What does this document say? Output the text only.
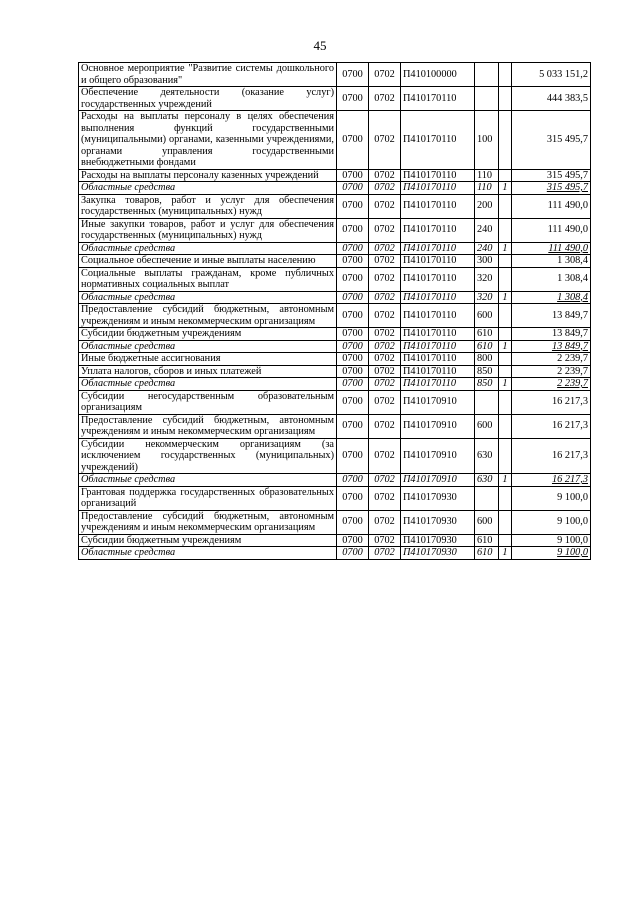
45
Основное мероприятие "Развитие системы дошкольного и общего образования"	0700	0702	П410100000			5 033 151,2
Обеспечение деятельности (оказание услуг) государственных учреждений	0700	0702	П410170110			444 383,5
Расходы на выплаты персоналу в целях обеспечения выполнения функций государственными (муниципальными) органами, казенными учреждениями, органами управления государственными внебюджетными фондами	0700	0702	П410170110	100		315 495,7
Расходы на выплаты персоналу казенных учреждений	0700	0702	П410170110	110		315 495,7
Областные средства	0700	0702	П410170110	110	1	315 495,7
Закупка товаров, работ и услуг для обеспечения государственных (муниципальных) нужд	0700	0702	П410170110	200		111 490,0
Иные закупки товаров, работ и услуг для обеспечения государственных (муниципальных) нужд	0700	0702	П410170110	240		111 490,0
Областные средства	0700	0702	П410170110	240	1	111 490,0
Социальное обеспечение и иные выплаты населению	0700	0702	П410170110	300		1 308,4
Социальные выплаты гражданам, кроме публичных нормативных социальных выплат	0700	0702	П410170110	320		1 308,4
Областные средства	0700	0702	П410170110	320	1	1 308,4
Предоставление субсидий бюджетным, автономным учреждениям и иным некоммерческим организациям	0700	0702	П410170110	600		13 849,7
Субсидии бюджетным учреждениям	0700	0702	П410170110	610		13 849,7
Областные средства	0700	0702	П410170110	610	1	13 849,7
Иные бюджетные ассигнования	0700	0702	П410170110	800		2 239,7
Уплата налогов, сборов и иных платежей	0700	0702	П410170110	850		2 239,7
Областные средства	0700	0702	П410170110	850	1	2 239,7
Субсидии негосударственным образовательным организациям	0700	0702	П410170910			16 217,3
Предоставление субсидий бюджетным, автономным учреждениям и иным некоммерческим организациям	0700	0702	П410170910	600		16 217,3
Субсидии некоммерческим организациям (за исключением государственных (муниципальных) учреждений)	0700	0702	П410170910	630		16 217,3
Областные средства	0700	0702	П410170910	630	1	16 217,3
Грантовая поддержка государственных образовательных организаций	0700	0702	П410170930			9 100,0
Предоставление субсидий бюджетным, автономным учреждениям и иным некоммерческим организациям	0700	0702	П410170930	600		9 100,0
Субсидии бюджетным учреждениям	0700	0702	П410170930	610		9 100,0
Областные средства	0700	0702	П410170930	610	1	9 100,0
